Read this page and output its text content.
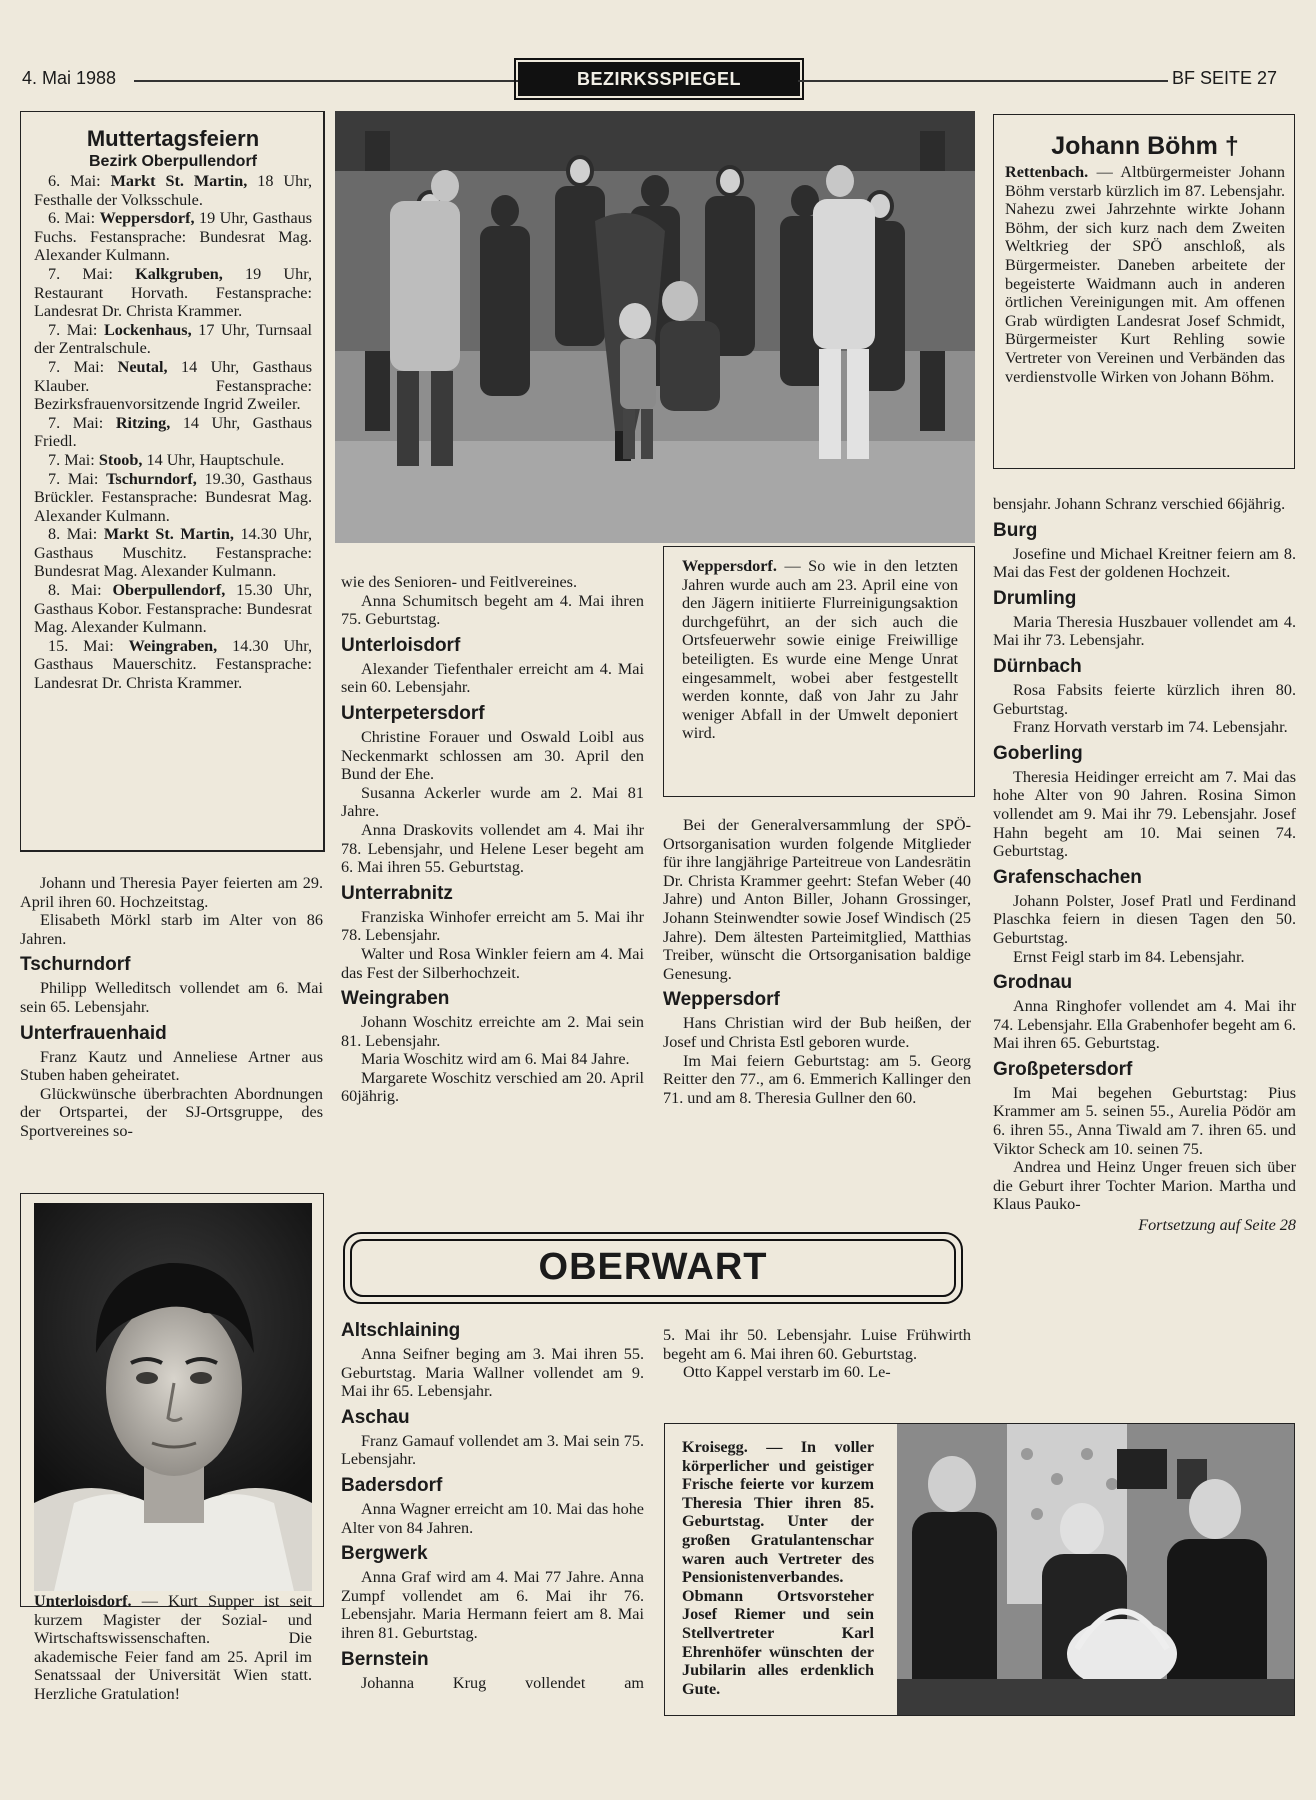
4. Mai 1988	BEZIRKSSPIEGEL	BF SEITE 27
Muttertagsfeiern
Bezirk Oberpullendorf

6. Mai: Markt St. Martin, 18 Uhr, Festhalle der Volksschule.

6. Mai: Weppersdorf, 19 Uhr, Gasthaus Fuchs. Festansprache: Bundesrat Mag. Alexander Kulmann.

7. Mai: Kalkgruben, 19 Uhr, Restaurant Horvath. Festansprache: Landesrat Dr. Christa Krammer.

7. Mai: Lockenhaus, 17 Uhr, Turnsaal der Zentralschule.

7. Mai: Neutal, 14 Uhr, Gasthaus Klauber. Festansprache: Bezirksfrauenvorsitzende Ingrid Zweiler.

7. Mai: Ritzing, 14 Uhr, Gasthaus Friedl.

7. Mai: Stoob, 14 Uhr, Hauptschule.

7. Mai: Tschurndorf, 19.30, Gasthaus Brückler. Festansprache: Bundesrat Mag. Alexander Kulmann.

8. Mai: Markt St. Martin, 14.30 Uhr, Gasthaus Muschitz. Festansprache: Bundesrat Mag. Alexander Kulmann.

8. Mai: Oberpullendorf, 15.30 Uhr, Gasthaus Kobor. Festansprache: Bundesrat Mag. Alexander Kulmann.

15. Mai: Weingraben, 14.30 Uhr, Gasthaus Mauerschitz. Festansprache: Landesrat Dr. Christa Krammer.

Johann und Theresia Payer feierten am 29. April ihren 60. Hochzeitstag.

Elisabeth Mörkl starb im Alter von 86 Jahren.

Tschurndorf

Philipp Welleditsch vollendet am 6. Mai sein 65. Lebensjahr.

Unterfrauenhaid

Franz Kautz und Anneliese Artner aus Stuben haben geheiratet.

Glückwünsche überbrachten Abordnungen der Ortspartei, der SJ-Ortsgruppe, des Sportvereines so-

Unterloisdorf. — Kurt Supper ist seit kurzem Magister der Sozial- und Wirtschaftswissenschaften. Die akademische Feier fand am 25. April im Senatssaal der Universität Wien statt. Herzliche Gratulation!

wie des Senioren- und Feitlvereines.

Anna Schumitsch begeht am 4. Mai ihren 75. Geburtstag.

Unterloisdorf

Alexander Tiefenthaler erreicht am 4. Mai sein 60. Lebensjahr.

Unterpetersdorf

Christine Forauer und Oswald Loibl aus Neckenmarkt schlossen am 30. April den Bund der Ehe.

Susanna Ackerler wurde am 2. Mai 81 Jahre.

Anna Draskovits vollendet am 4. Mai ihr 78. Lebensjahr, und Helene Leser begeht am 6. Mai ihren 55. Geburtstag.

Unterrabnitz

Franziska Winhofer erreicht am 5. Mai ihr 78. Lebensjahr.

Walter und Rosa Winkler feiern am 4. Mai das Fest der Silberhochzeit.

Weingraben

Johann Woschitz erreichte am 2. Mai sein 81. Lebensjahr.

Maria Woschitz wird am 6. Mai 84 Jahre.

Margarete Woschitz verschied am 20. April 60jährig.

Weppersdorf. — So wie in den letzten Jahren wurde auch am 23. April eine von den Jägern initiierte Flurreinigungsaktion durchgeführt, an der sich auch die Ortsfeuerwehr sowie einige Freiwillige beteiligten. Es wurde eine Menge Unrat eingesammelt, wobei aber festgestellt werden konnte, daß von Jahr zu Jahr weniger Abfall in der Umwelt deponiert wird.

Bei der Generalversammlung der SPÖ-Ortsorganisation wurden folgende Mitglieder für ihre langjährige Parteitreue von Landesrätin Dr. Christa Krammer geehrt: Stefan Weber (40 Jahre) und Anton Biller, Johann Grossinger, Johann Steinwendter sowie Josef Windisch (25 Jahre). Dem ältesten Parteimitglied, Matthias Treiber, wünscht die Ortsorganisation baldige Genesung.

Weppersdorf

Hans Christian wird der Bub heißen, der Josef und Christa Estl geboren wurde.

Im Mai feiern Geburtstag: am 5. Georg Reitter den 77., am 6. Emmerich Kallinger den 71. und am 8. Theresia Gullner den 60.

Johann Böhm †
Rettenbach. — Altbürgermeister Johann Böhm verstarb kürzlich im 87. Lebensjahr. Nahezu zwei Jahrzehnte wirkte Johann Böhm, der sich kurz nach dem Zweiten Weltkrieg der SPÖ anschloß, als Bürgermeister. Daneben arbeitete der begeisterte Waidmann auch in anderen örtlichen Vereinigungen mit. Am offenen Grab würdigten Landesrat Josef Schmidt, Bürgermeister Kurt Rehling sowie Vertreter von Vereinen und Verbänden das verdienstvolle Wirken von Johann Böhm.

bensjahr. Johann Schranz verschied 66jährig.

Burg

Josefine und Michael Kreitner feiern am 8. Mai das Fest der goldenen Hochzeit.

Drumling

Maria Theresia Huszbauer vollendet am 4. Mai ihr 73. Lebensjahr.

Dürnbach

Rosa Fabsits feierte kürzlich ihren 80. Geburtstag.

Franz Horvath verstarb im 74. Lebensjahr.

Goberling

Theresia Heidinger erreicht am 7. Mai das hohe Alter von 90 Jahren. Rosina Simon vollendet am 9. Mai ihr 79. Lebensjahr. Josef Hahn begeht am 10. Mai seinen 74. Geburtstag.

Grafenschachen

Johann Polster, Josef Pratl und Ferdinand Plaschka feiern in diesen Tagen den 50. Geburtstag.

Ernst Feigl starb im 84. Lebensjahr.

Grodnau

Anna Ringhofer vollendet am 4. Mai ihr 74. Lebensjahr. Ella Grabenhofer begeht am 6. Mai ihren 65. Geburtstag.

Großpetersdorf

Im Mai begehen Geburtstag: Pius Krammer am 5. seinen 55., Aurelia Pödör am 6. ihren 55., Anna Tiwald am 7. ihren 65. und Viktor Scheck am 10. seinen 75.

Andrea und Heinz Unger freuen sich über die Geburt ihrer Tochter Marion. Martha und Klaus Pauko-

Fortsetzung auf Seite 28
OBERWART
Altschlaining

Anna Seifner beging am 3. Mai ihren 55. Geburtstag. Maria Wallner vollendet am 9. Mai ihr 65. Lebensjahr.

Aschau

Franz Gamauf vollendet am 3. Mai sein 75. Lebensjahr.

Badersdorf

Anna Wagner erreicht am 10. Mai das hohe Alter von 84 Jahren.

Bergwerk

Anna Graf wird am 4. Mai 77 Jahre. Anna Zumpf vollendet am 6. Mai ihr 76. Lebensjahr. Maria Hermann feiert am 8. Mai ihren 81. Geburtstag.

Bernstein

Johanna Krug vollendet am

5. Mai ihr 50. Lebensjahr. Luise Frühwirth begeht am 6. Mai ihren 60. Geburtstag.

Otto Kappel verstarb im 60. Le-

Kroisegg. — In voller körperlicher und geistiger Frische feierte vor kurzem Theresia Thier ihren 85. Geburtstag. Unter der großen Gratulantenschar waren auch Vertreter des Pensionistenverbandes. Obmann Ortsvorsteher Josef Riemer und sein Stellvertreter Karl Ehrenhöfer wünschten der Jubilarin alles erdenklich Gute.
